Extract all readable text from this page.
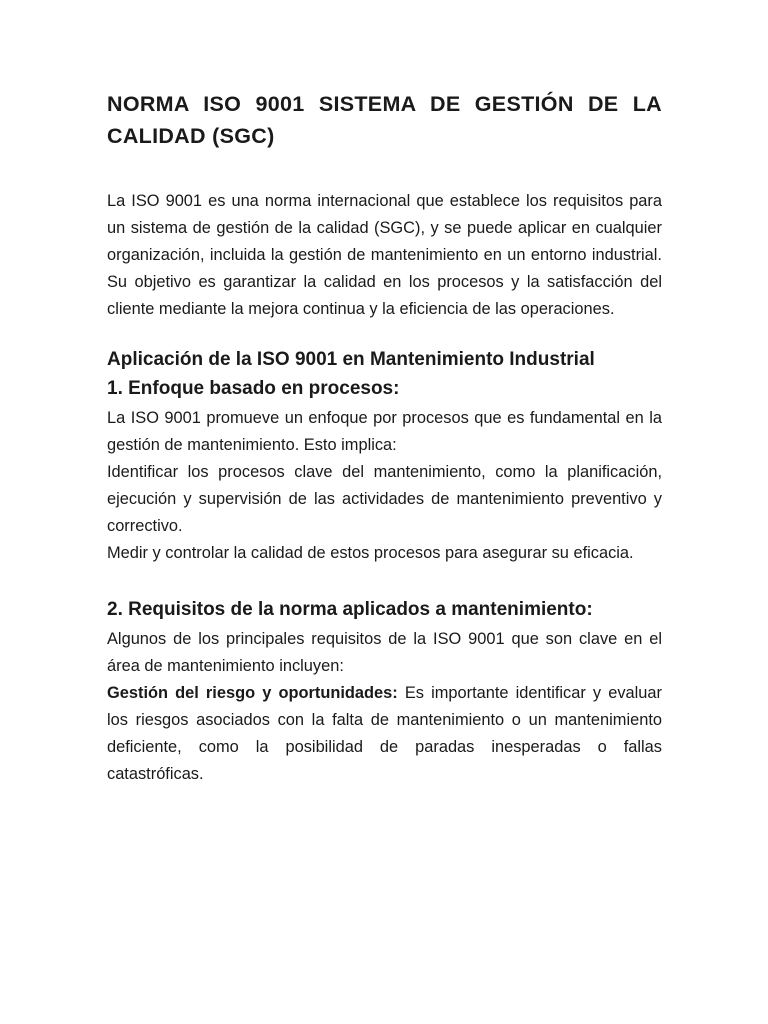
NORMA ISO 9001 SISTEMA DE GESTIÓN DE LA CALIDAD (SGC)

La ISO 9001 es una norma internacional que establece los requisitos para un sistema de gestión de la calidad (SGC), y se puede aplicar en cualquier organización, incluida la gestión de mantenimiento en un entorno industrial. Su objetivo es garantizar la calidad en los procesos y la satisfacción del cliente mediante la mejora continua y la eficiencia de las operaciones.

Aplicación de la ISO 9001 en Mantenimiento Industrial
1. Enfoque basado en procesos:

La ISO 9001 promueve un enfoque por procesos que es fundamental en la gestión de mantenimiento. Esto implica:

Identificar los procesos clave del mantenimiento, como la planificación, ejecución y supervisión de las actividades de mantenimiento preventivo y correctivo.

Medir y controlar la calidad de estos procesos para asegurar su eficacia.

2. Requisitos de la norma aplicados a mantenimiento:

Algunos de los principales requisitos de la ISO 9001 que son clave en el área de mantenimiento incluyen:

Gestión del riesgo y oportunidades: Es importante identificar y evaluar los riesgos asociados con la falta de mantenimiento o un mantenimiento deficiente, como la posibilidad de paradas inesperadas o fallas catastróficas.
